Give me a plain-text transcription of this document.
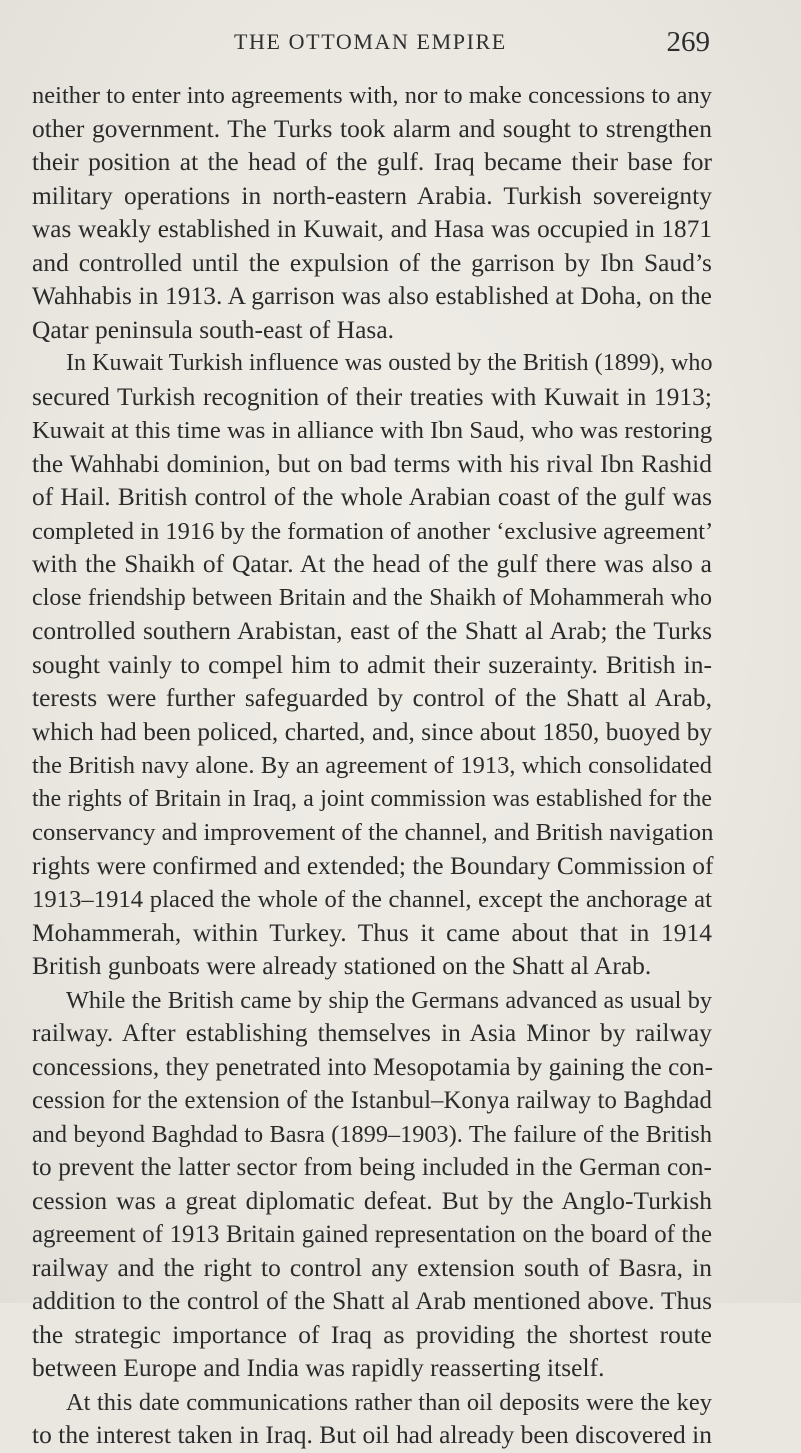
THE OTTOMAN EMPIRE	269
neither to enter into agreements with, nor to make concessions to any
other government. The Turks took alarm and sought to strengthen
their position at the head of the gulf. Iraq became their base for
military operations in north-eastern Arabia. Turkish sovereignty
was weakly established in Kuwait, and Hasa was occupied in 1871
and controlled until the expulsion of the garrison by Ibn Saud’s
Wahhabis in 1913. A garrison was also established at Doha, on the
Qatar peninsula south-east of Hasa.
In Kuwait Turkish influence was ousted by the British (1899), who
secured Turkish recognition of their treaties with Kuwait in 1913;
Kuwait at this time was in alliance with Ibn Saud, who was restoring
the Wahhabi dominion, but on bad terms with his rival Ibn Rashid
of Hail. British control of the whole Arabian coast of the gulf was
completed in 1916 by the formation of another ‘exclusive agreement’
with the Shaikh of Qatar. At the head of the gulf there was also a
close friendship between Britain and the Shaikh of Mohammerah who
controlled southern Arabistan, east of the Shatt al Arab; the Turks
sought vainly to compel him to admit their suzerainty. British in-
terests were further safeguarded by control of the Shatt al Arab,
which had been policed, charted, and, since about 1850, buoyed by
the British navy alone. By an agreement of 1913, which consolidated
the rights of Britain in Iraq, a joint commission was established for the
conservancy and improvement of the channel, and British navigation
rights were confirmed and extended; the Boundary Commission of
1913–1914 placed the whole of the channel, except the anchorage at
Mohammerah, within Turkey. Thus it came about that in 1914
British gunboats were already stationed on the Shatt al Arab.
While the British came by ship the Germans advanced as usual by
railway. After establishing themselves in Asia Minor by railway
concessions, they penetrated into Mesopotamia by gaining the con-
cession for the extension of the Istanbul–Konya railway to Baghdad
and beyond Baghdad to Basra (1899–1903). The failure of the British
to prevent the latter sector from being included in the German con-
cession was a great diplomatic defeat. But by the Anglo-Turkish
agreement of 1913 Britain gained representation on the board of the
railway and the right to control any extension south of Basra, in
addition to the control of the Shatt al Arab mentioned above. Thus
the strategic importance of Iraq as providing the shortest route
between Europe and India was rapidly reasserting itself.
At this date communications rather than oil deposits were the key
to the interest taken in Iraq. But oil had already been discovered in
